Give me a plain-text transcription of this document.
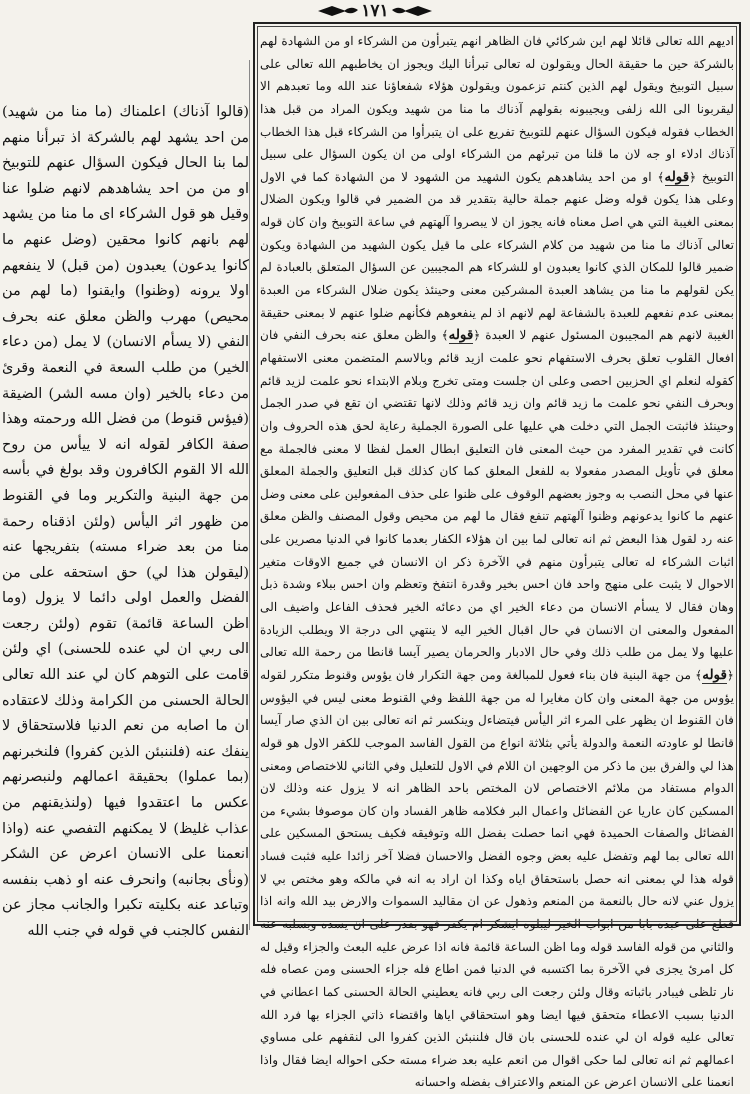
١٧١

(قالوا آذناك) اعلمناك (ما منا من شهيد) من احد يشهد لهم بالشركة اذ تبرأنا منهم لما بنا الحال فيكون السؤال عنهم للتوبيخ او من من احد يشاهدهم لانهم ضلوا عنا وقيل هو قول الشركاء اى ما منا من يشهد لهم بانهم كانوا محقين (وضل عنهم ما كانوا يدعون) يعبدون (من قبل) لا ينفعهم اولا يرونه (وظنوا) وايقنوا (ما لهم من محيص) مهرب والظن معلق عنه بحرف النفي (لا يسأم الانسان) لا يمل (من دعاء الخير) من طلب السعة في النعمة وقرئ من دعاء بالخير (وان مسه الشر) الضيقة (فيؤس قنوط) من فضل الله ورحمته وهذا صفة الكافر لقوله انه لا ييأس من روح الله الا القوم الكافرون وقد بولغ في بأسه من جهة البنية والتكرير وما في القنوط من ظهور اثر اليأس (ولئن اذقناه رحمة منا من بعد ضراء مسته) بتفريجها عنه (ليقولن هذا لي) حق استحقه على من الفضل والعمل اولى دائما لا يزول (وما اظن الساعة قائمة) تقوم (ولئن رجعت الى ربي ان لي عنده للحسنى) اي ولئن قامت على التوهم كان لي عند الله تعالى الحالة الحسنى من الكرامة وذلك لاعتقاده ان ما اصابه من نعم الدنيا فلاستحقاق لا ينفك عنه (فلننبئن الذين كفروا) فلنخبرنهم (بما عملوا) بحقيقة اعمالهم ولنبصرنهم عكس ما اعتقدوا فيها (ولنذيقنهم من عذاب غليظ) لا يمكنهم التفصي عنه (واذا انعمنا على الانسان اعرض عن الشكر (ونأى بجانبه) وانحرف عنه او ذهب بنفسه وتباعد عنه بكليته تكبرا والجانب مجاز عن النفس كالجنب في قوله في جنب الله

اديهم الله تعالى قائلا لهم اين شركائي فان الظاهر انهم يتبرأون من الشركاء او من الشهادة لهم بالشركة حين ما حقيقة الحال ويقولون له تعالى تبرأنا اليك ويجوز ان يخاطبهم الله تعالى على سبيل التوبيخ ويقول لهم الذين كنتم تزعمون ويقولون هؤلاء شفعاؤنا عند الله وما تعبدهم الا ليقربونا الى الله زلفى ويجيبونه بقولهم آذناك ما منا من شهيد ويكون المراد من قبل هذا الخطاب فقوله فيكون السؤال عنهم للتوبيخ تفريع على ان يتبرأوا من الشركاء قبل هذا الخطاب آذناك ادلاء او جه لان ما قلنا من تبرئهم من الشركاء اولى من ان يكون السؤال على سبيل التوبيخ ﴿قوله﴾ او من احد يشاهدهم يكون الشهيد من الشهود لا من الشهادة كما في الاول وعلى هذا يكون قوله وضل عنهم جملة حالية بتقدير قد من الضمير في قالوا ويكون الضلال بمعنى الغيبة التي هي اصل معناه فانه يجوز ان لا يبصروا آلهتهم في ساعة التوبيخ وان كان قوله تعالى آذناك ما منا من شهيد من كلام الشركاء على ما قيل يكون الشهيد من الشهادة ويكون ضمير قالوا للمكان الذي كانوا يعبدون او للشركاء هم المجيبين عن السؤال المتعلق بالعبادة لم يكن لقولهم ما منا من يشاهد العبدة المشركين معنى وحينئذ يكون ضلال الشركاء من العبدة بمعنى عدم نفعهم للعبدة بالشفاعة لهم لانهم اذ لم ينفعوهم فكأنهم ضلوا عنهم لا بمعنى حقيقة الغيبة لانهم هم المجيبون المسئول عنهم لا العبدة ﴿قوله﴾ والظن معلق عنه بحرف النفي فان افعال القلوب تعلق بحرف الاستفهام نحو علمت ازيد قائم وبالاسم المتضمن معنى الاستفهام كقوله لنعلم اي الحزبين احصى وعلى ان جلست ومتى تخرج وبلام الابتداء نحو علمت لزيد قائم وبحرف النفي نحو علمت ما زيد قائم وان زيد قائم وذلك لانها تقتضي ان تقع في صدر الجمل وحينئذ فاثبتت الجمل التي دخلت هي عليها على الصورة الجملية رعاية لحق هذه الحروف وان كانت في تقدير المفرد من حيث المعنى فان التعليق ابطال العمل لفظا لا معنى فالجملة مع معلق في تأويل المصدر مفعولا به للفعل المعلق كما كان كذلك قبل التعليق والجملة المعلق عنها في محل النصب به وجوز بعضهم الوقوف على ظنوا على حذف المفعولين على معنى وضل عنهم ما كانوا يدعونهم وظنوا آلهتهم تنفع فقال ما لهم من محيص وقول المصنف والظن معلق عنه رد لقول هذا البعض ثم انه تعالى لما بين ان هؤلاء الكفار بعدما كانوا في الدنيا مصرين على اثبات الشركاء له تعالى يتبرأون منهم في الآخرة ذكر ان الانسان في جميع الاوقات متغير الاحوال لا يثبت على منهج واحد فان احس بخير وقدرة انتفخ وتعظم وان احس ببلاء وشدة ذبل وهان فقال لا يسأم الانسان من دعاء الخير اي من دعائه الخير فحذف الفاعل واضيف الى المفعول والمعنى ان الانسان في حال اقبال الخير اليه لا ينتهي الى درجة الا ويطلب الزيادة عليها ولا يمل من طلب ذلك وفي حال الادبار والحرمان يصير آيسا قانطا من رحمة الله تعالى ﴿قوله﴾ من جهة البنية فان بناء فعول للمبالغة ومن جهة التكرار فان يؤوس وقنوط متكرر لقوله يؤوس من جهة المعنى وان كان مغايرا له من جهة اللفظ وفي القنوط معنى ليس في اليؤوس فان القنوط ان يظهر على المرء اثر اليأس فيتضاءل وينكسر ثم انه تعالى بين ان الذي صار آيسا قانطا لو عاودته النعمة والدولة يأتي بثلاثة انواع من القول الفاسد الموجب للكفر الاول هو قوله هذا لي والفرق بين ما ذكر من الوجهين ان اللام في الاول للتعليل وفي الثاني للاختصاص ومعنى الدوام مستفاد من ملائم الاختصاص لان المختص باحد الظاهر انه لا يزول عنه وذلك لان المسكين كان عاريا عن الفضائل واعمال البر فكلامه ظاهر الفساد وان كان موصوفا بشيء من الفضائل والصفات الحميدة فهي انما حصلت بفضل الله وتوفيقه فكيف يستحق المسكين على الله تعالى بما لهم وتفضل عليه بعض وجوه الفضل والاحسان فضلا آخر زائدا عليه فثبت فساد قوله هذا لي بمعنى انه حصل باستحقاق اياه وكذا ان اراد به انه في مالكه وهو مختص بي لا يزول عني لانه حال بالنعمة من المنعم وذهول عن ان مقاليد السموات والارض بيد الله وانه اذا قطع على عبده بابا من ابواب الخير ليبلوه ايشكر ام يكفر فهو بقدر على ان يسده وبسلبه عنه والثاني من قوله الفاسد قوله وما اظن الساعة قائمة فانه اذا عرض عليه البعث والجزاء وقيل له كل امرئ يجزى في الآخرة بما اكتسبه في الدنيا فمن اطاع فله جزاء الحسنى ومن عصاه فله نار تلظى فيبادر باثباته وقال ولئن رجعت الى ربي فانه يعطيني الحالة الحسنى كما اعطاني في الدنيا بسبب الاعطاء متحقق فيها ايضا وهو استحقاقي اياها واقتضاء ذاتي الجزاء بها فرد الله تعالى عليه قوله ان لي عنده للحسنى بان قال فلننبئن الذين كفروا الى لنقفهم على مساوي اعمالهم ثم انه تعالى لما حكى اقوال من انعم عليه بعد ضراء مسته حكى احواله ايضا فقال واذا انعمنا على الانسان اعرض عن المنعم والاعتراف بفضله واحسانه
